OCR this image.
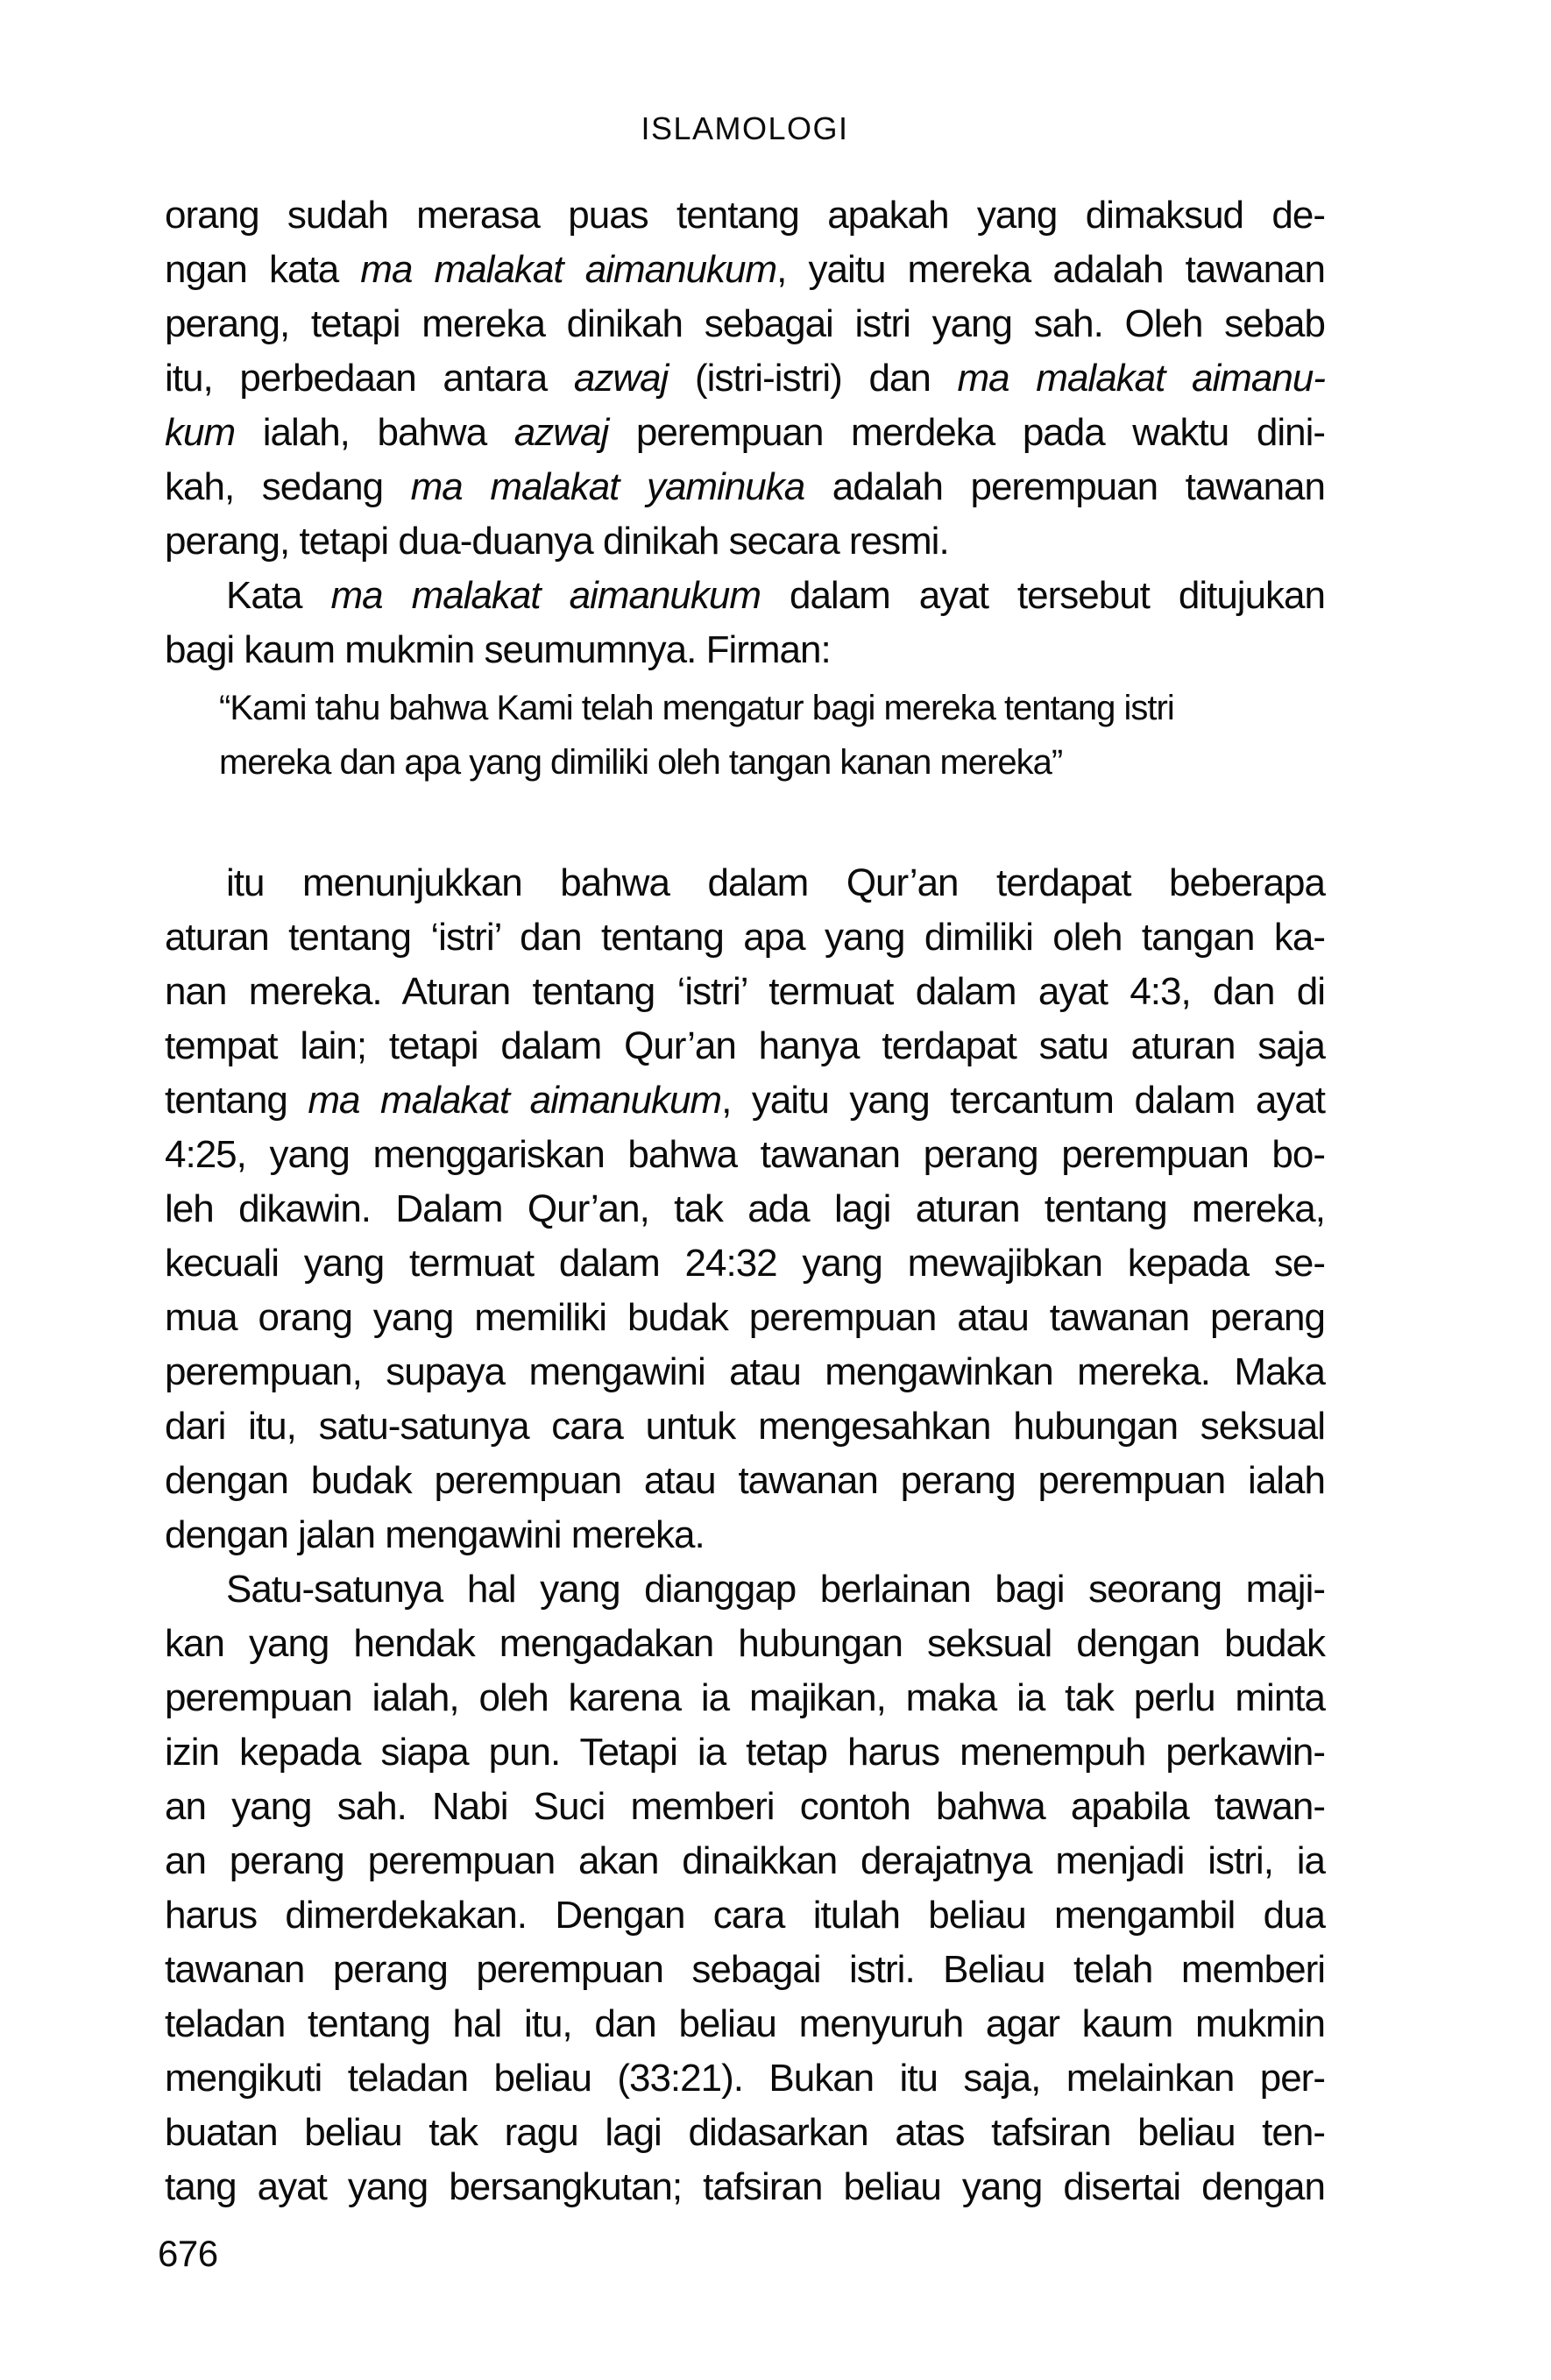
ISLAMOLOGI
orang sudah merasa puas tentang apakah yang dimaksud de-
ngan kata ma malakat aimanukum, yaitu mereka adalah tawanan
perang, tetapi mereka dinikah sebagai istri yang sah. Oleh sebab
itu, perbedaan antara azwaj (istri-istri) dan ma malakat aimanu-
kum ialah, bahwa azwaj perempuan merdeka pada waktu dini-
kah, sedang ma malakat yaminuka adalah perempuan tawanan
perang, tetapi dua-duanya dinikah secara resmi.
Kata ma malakat aimanukum dalam ayat tersebut ditujukan
bagi kaum mukmin seumumnya. Firman:
“Kami tahu bahwa Kami telah mengatur bagi mereka tentang istri
mereka dan apa yang dimiliki oleh tangan kanan mereka”
itu menunjukkan bahwa dalam Qur’an terdapat beberapa
aturan tentang ‘istri’ dan tentang apa yang dimiliki oleh tangan ka-
nan mereka. Aturan tentang ‘istri’ termuat dalam ayat 4:3, dan di
tempat lain; tetapi dalam Qur’an hanya terdapat satu aturan saja
tentang ma malakat aimanukum, yaitu yang tercantum dalam ayat
4:25, yang menggariskan bahwa tawanan perang perempuan bo-
leh dikawin. Dalam Qur’an, tak ada lagi aturan tentang mereka,
kecuali yang termuat dalam 24:32 yang mewajibkan kepada se-
mua orang yang memiliki budak perempuan atau tawanan perang
perempuan, supaya mengawini atau mengawinkan mereka. Maka
dari itu, satu-satunya cara untuk mengesahkan hubungan seksual
dengan budak perempuan atau tawanan perang perempuan ialah
dengan jalan mengawini mereka.
Satu-satunya hal yang dianggap berlainan bagi seorang maji-
kan yang hendak mengadakan hubungan seksual dengan budak
perempuan ialah, oleh karena ia majikan, maka ia tak perlu minta
izin kepada siapa pun. Tetapi ia tetap harus menempuh perkawin-
an yang sah. Nabi Suci memberi contoh bahwa apabila tawan-
an perang perempuan akan dinaikkan derajatnya menjadi istri, ia
harus dimerdekakan. Dengan cara itulah beliau mengambil dua
tawanan perang perempuan sebagai istri. Beliau telah memberi
teladan tentang hal itu, dan beliau menyuruh agar kaum mukmin
mengikuti teladan beliau (33:21). Bukan itu saja, melainkan per-
buatan beliau tak ragu lagi didasarkan atas tafsiran beliau ten-
tang ayat yang bersangkutan; tafsiran beliau yang disertai dengan
676
